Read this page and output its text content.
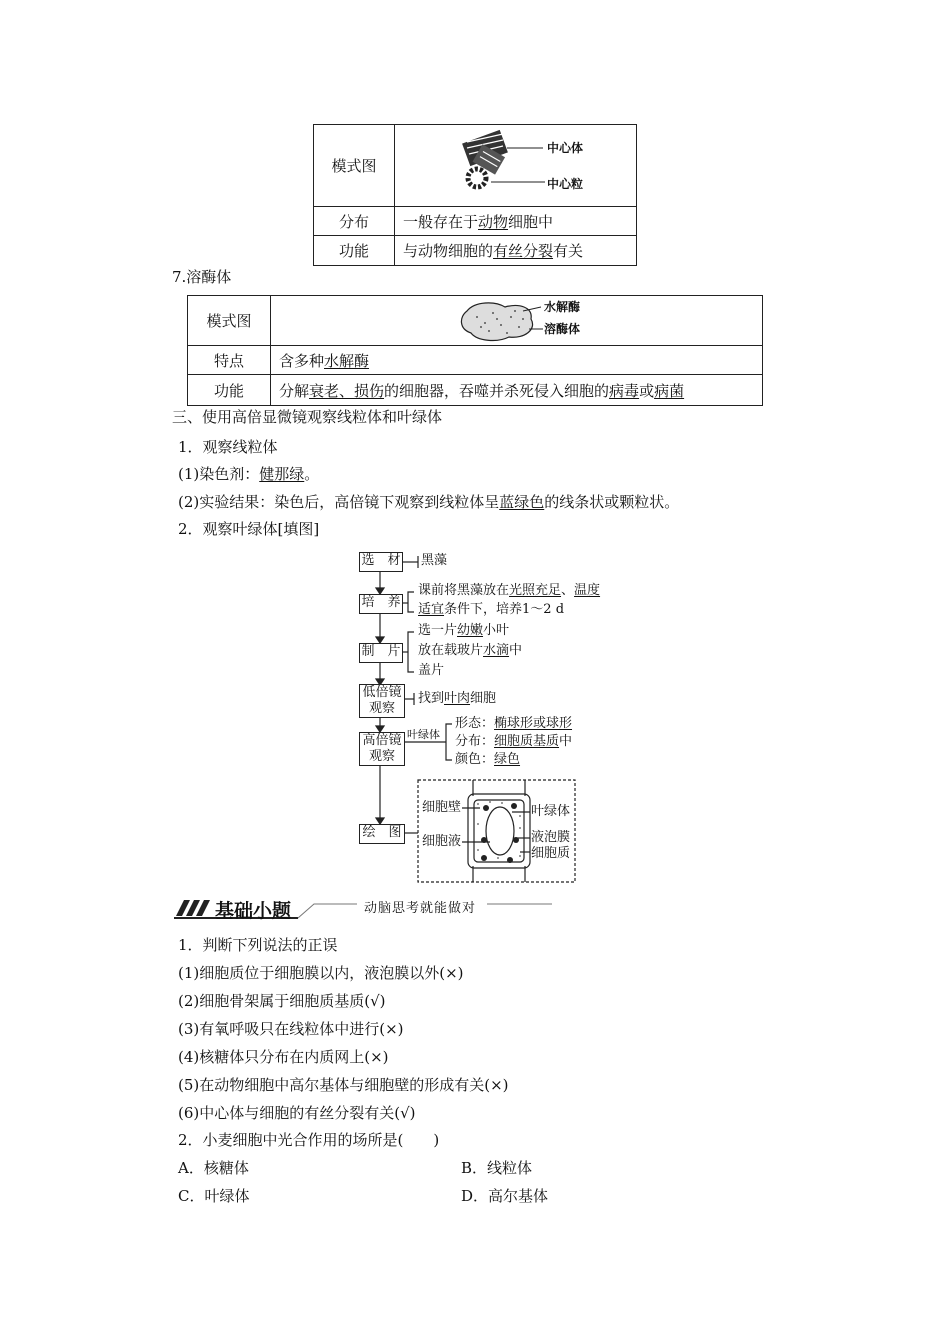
模式图	中心体
中心粒

分布	一般存在于动物细胞中
功能	与动物细胞的有丝分裂有关
7.溶酶体
模式图	水解酶
溶酶体

特点	含多种水解酶
功能	分解衰老、损伤的细胞器，吞噬并杀死侵入细胞的病毒或病菌
三、使用高倍显微镜观察线粒体和叶绿体
1．观察线粒体
(1)染色剂：健那绿。
(2)实验结果：染色后，高倍镜下观察到线粒体呈蓝绿色的线条状或颗粒状。
2．观察叶绿体[填图]
选　材 黑藻
培　养
课前将黑藻放在光照充足、温度
适宜条件下，培养1～2 d
制　片
选一片幼嫩小叶
放在载玻片水滴中
盖片
低倍镜
观察
找到叶肉细胞
高倍镜
观察
叶绿体
形态：椭球形或球形
分布：细胞质基质中
颜色：绿色
绘　图
细胞壁
细胞液
叶绿体
液泡膜
细胞质
基础小题	动脑思考就能做对
1．判断下列说法的正误
(1)细胞质位于细胞膜以内，液泡膜以外(×)
(2)细胞骨架属于细胞质基质(√)
(3)有氧呼吸只在线粒体中进行(×)
(4)核糖体只分布在内质网上(×)
(5)在动物细胞中高尔基体与细胞壁的形成有关(×)
(6)中心体与细胞的有丝分裂有关(√)
2．小麦细胞中光合作用的场所是(　　)
A．核糖体	B．线粒体
C．叶绿体	D．高尔基体
